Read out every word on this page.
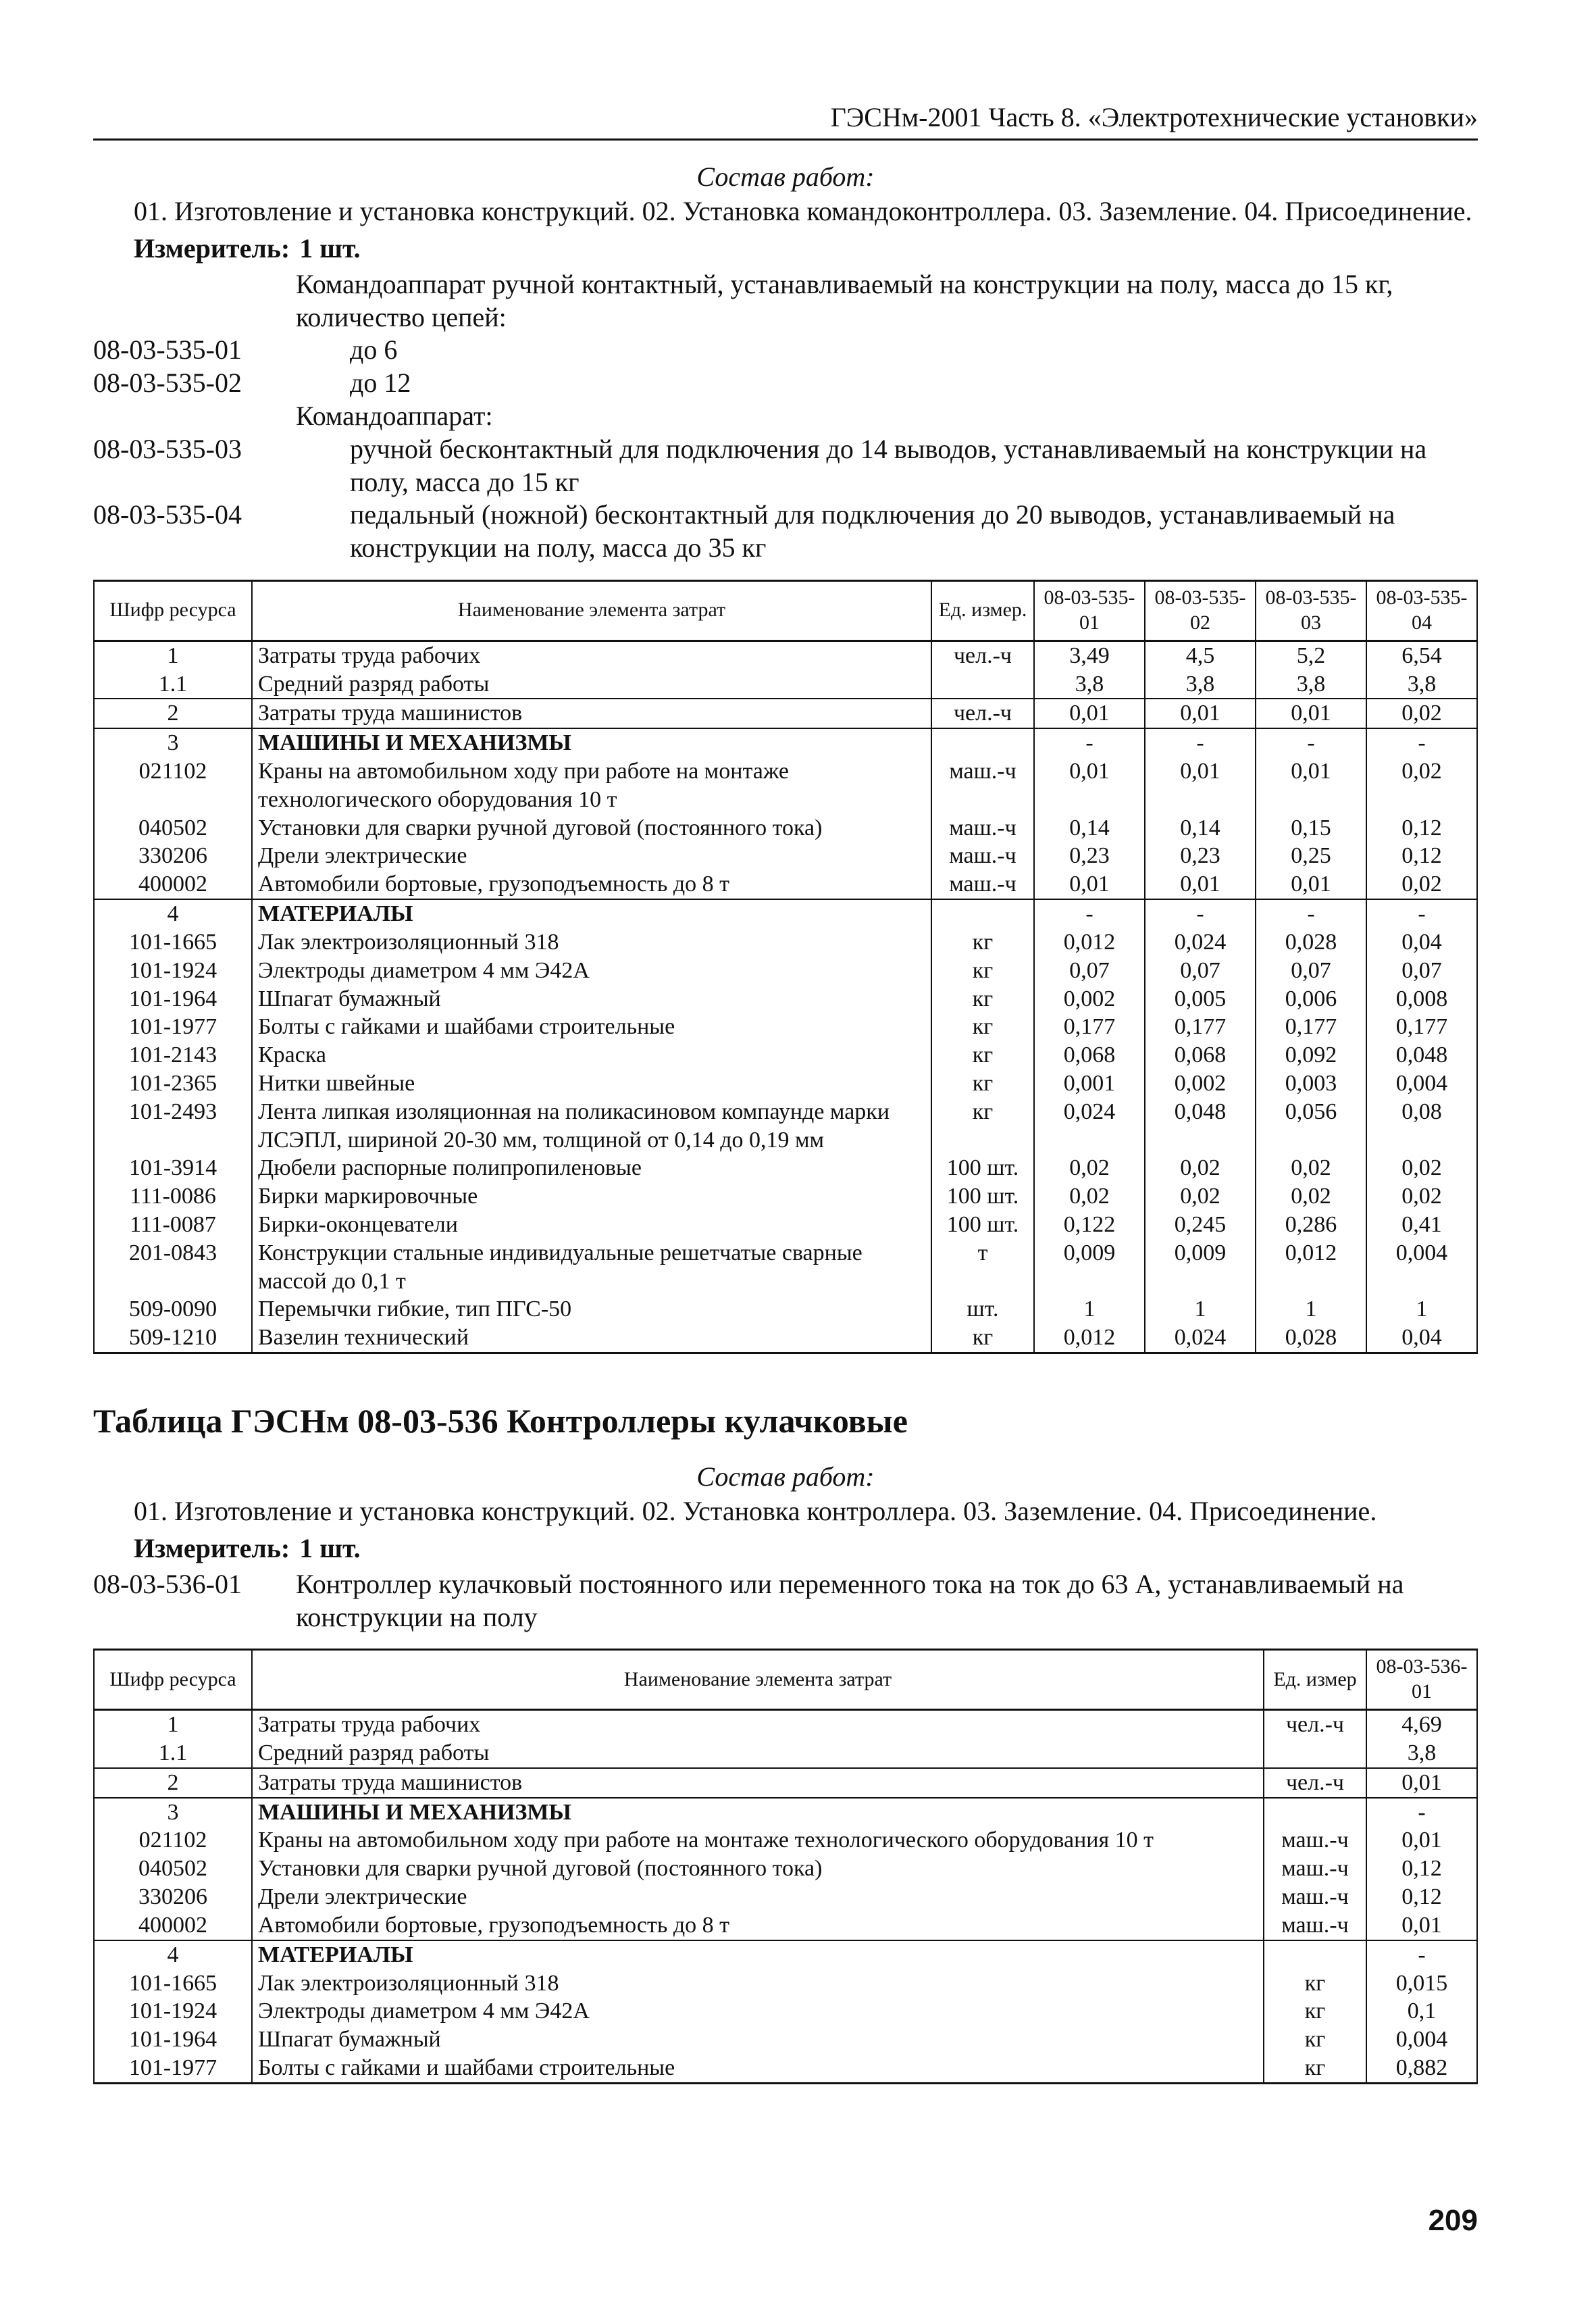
ГЭСНм-2001 Часть 8. «Электротехнические установки»
Состав работ:

01. Изготовление и установка конструкций. 02. Установка командоконтроллера. 03. Заземление. 04. Присоединение.

Измеритель: 1 шт.
Командоаппарат ручной контактный, устанавливаемый на конструкции на полу, масса до 15 кг, количество цепей:
08-03-535-01	до 6
08-03-535-02	до 12
Командоаппарат:
08-03-535-03	ручной бесконтактный для подключения до 14 выводов, устанавливаемый на конструкции на полу, масса до 15 кг
08-03-535-04	педальный (ножной) бесконтактный для подключения до 20 выводов, устанавливаемый на конструкции на полу, масса до 35 кг
Шифр ресурса	Наименование элемента затрат	Ед. измер.	08-03-535-01	08-03-535-02	08-03-535-03	08-03-535-04
1	Затраты труда рабочих	чел.-ч	3,49	4,5	5,2	6,54
1.1	Средний разряд работы		3,8	3,8	3,8	3,8
2	Затраты труда машинистов	чел.-ч	0,01	0,01	0,01	0,02
3	МАШИНЫ И МЕХАНИЗМЫ		-	-	-	-
021102	Краны на автомобильном ходу при работе на монтаже технологического оборудования 10 т	маш.-ч	0,01	0,01	0,01	0,02
040502	Установки для сварки ручной дуговой (постоянного тока)	маш.-ч	0,14	0,14	0,15	0,12
330206	Дрели электрические	маш.-ч	0,23	0,23	0,25	0,12
400002	Автомобили бортовые, грузоподъемность до 8 т	маш.-ч	0,01	0,01	0,01	0,02
4	МАТЕРИАЛЫ		-	-	-	-
101-1665	Лак электроизоляционный 318	кг	0,012	0,024	0,028	0,04
101-1924	Электроды диаметром 4 мм Э42А	кг	0,07	0,07	0,07	0,07
101-1964	Шпагат бумажный	кг	0,002	0,005	0,006	0,008
101-1977	Болты с гайками и шайбами строительные	кг	0,177	0,177	0,177	0,177
101-2143	Краска	кг	0,068	0,068	0,092	0,048
101-2365	Нитки швейные	кг	0,001	0,002	0,003	0,004
101-2493	Лента липкая изоляционная на поликасиновом компаунде марки ЛСЭПЛ, шириной 20-30 мм, толщиной от 0,14 до 0,19 мм	кг	0,024	0,048	0,056	0,08
101-3914	Дюбели распорные полипропиленовые	100 шт.	0,02	0,02	0,02	0,02
111-0086	Бирки маркировочные	100 шт.	0,02	0,02	0,02	0,02
111-0087	Бирки-оконцеватели	100 шт.	0,122	0,245	0,286	0,41
201-0843	Конструкции стальные индивидуальные решетчатые сварные массой до 0,1 т	т	0,009	0,009	0,012	0,004
509-0090	Перемычки гибкие, тип ПГС-50	шт.	1	1	1	1
509-1210	Вазелин технический	кг	0,012	0,024	0,028	0,04
Таблица ГЭСНм 08-03-536 Контроллеры кулачковые
Состав работ:

01. Изготовление и установка конструкций. 02. Установка контроллера. 03. Заземление. 04. Присоединение.

Измеритель: 1 шт.
08-03-536-01	Контроллер кулачковый постоянного или переменного тока на ток до 63 А, устанавливаемый на конструкции на полу
Шифр ресурса	Наименование элемента затрат	Ед. измер	08-03-536-01
1	Затраты труда рабочих	чел.-ч	4,69
1.1	Средний разряд работы		3,8
2	Затраты труда машинистов	чел.-ч	0,01
3	МАШИНЫ И МЕХАНИЗМЫ		-
021102	Краны на автомобильном ходу при работе на монтаже технологического оборудования 10 т	маш.-ч	0,01
040502	Установки для сварки ручной дуговой (постоянного тока)	маш.-ч	0,12
330206	Дрели электрические	маш.-ч	0,12
400002	Автомобили бортовые, грузоподъемность до 8 т	маш.-ч	0,01
4	МАТЕРИАЛЫ		-
101-1665	Лак электроизоляционный 318	кг	0,015
101-1924	Электроды диаметром 4 мм Э42А	кг	0,1
101-1964	Шпагат бумажный	кг	0,004
101-1977	Болты с гайками и шайбами строительные	кг	0,882
209
